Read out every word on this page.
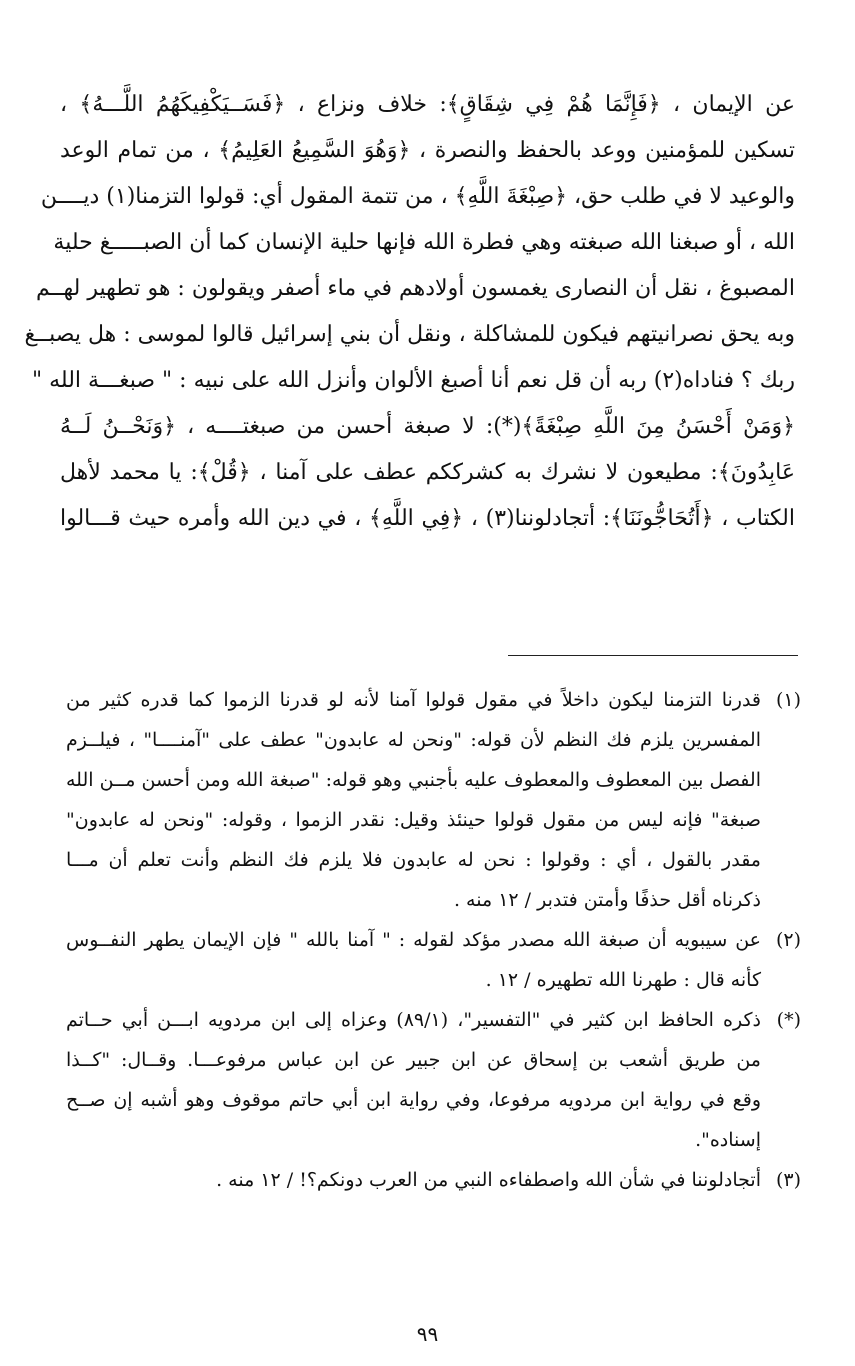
عن الإيمان ، ﴿فَإِنَّمَا هُمْ فِي شِقَاقٍ﴾: خلاف ونزاع ، ﴿فَسَــيَكْفِيكَهُمُ اللَّـــهُ﴾ ،
تسكين للمؤمنين ووعد بالحفظ والنصرة ، ﴿وَهُوَ السَّمِيعُ العَلِيمُ﴾ ، من تمام الوعد
والوعيد لا في طلب حق، ﴿صِبْغَةَ اللَّهِ﴾ ، من تتمة المقول أي: قولوا التزمنا(١) ديــــن
الله ، أو صبغنا الله صبغته وهي فطرة الله فإنها حلية الإنسان كما أن الصبـــــغ حلية
المصبوغ ، نقل أن النصارى يغمسون أولادهم في ماء أصفر ويقولون : هو تطهير لهــم
وبه يحق نصرانيتهم فيكون للمشاكلة ، ونقل أن بني إسرائيل قالوا لموسى : هل يصبــغ
ربك ؟ فناداه(٢) ربه أن قل نعم أنا أصبغ الألوان وأنزل الله على نبيه : " صبغـــة الله "
﴿وَمَنْ أَحْسَنُ مِنَ اللَّهِ صِبْغَةً﴾(*): لا صبغة أحسن من صبغتــــه ، ﴿وَنَحْــنُ لَــهُ
عَابِدُونَ﴾: مطيعون لا نشرك به كشرككم عطف على آمنا ، ﴿قُلْ﴾: يا محمد لأهل
الكتاب ، ﴿أَتُحَاجُّونَنَا﴾: أتجادلوننا(٣) ، ﴿فِي اللَّهِ﴾ ، في دين الله وأمره حيث قـــالوا
(١)
قدرنا التزمنا ليكون داخلاً في مقول قولوا آمنا لأنه لو قدرنا الزموا كما قدره كثير من
المفسرين يلزم فك النظم لأن قوله: "ونحن له عابدون" عطف على "آمنــــا" ، فيلــزم
الفصل بين المعطوف والمعطوف عليه بأجنبي وهو قوله: "صبغة الله ومن أحسن مــن الله
صبغة" فإنه ليس من مقول قولوا حينئذ وقيل: نقدر الزموا ، وقوله: "ونحن له عابدون"
مقدر بالقول ، أي : وقولوا : نحن له عابدون فلا يلزم فك النظم وأنت تعلم أن مـــا
ذكرناه أقل حذفًا وأمتن فتدبر / ١٢ منه .
(٢)
عن سيبويه أن صبغة الله مصدر مؤكد لقوله : " آمنا بالله " فإن الإيمان يطهر النفــوس
كأنه قال : طهرنا الله تطهيره / ١٢ .
(*)
ذكره الحافظ ابن كثير في "التفسير"، (٨٩/١) وعزاه إلى ابن مردويه ابـــن أبي حــاتم
من طريق أشعب بن إسحاق عن ابن جبير عن ابن عباس مرفوعـــا. وقــال: "كــذا
وقع في رواية ابن مردويه مرفوعا، وفي رواية ابن أبي حاتم موقوف وهو أشبه إن صــح
إسناده".
(٣)
أتجادلوننا في شأن الله واصطفاءه النبي من العرب دونكم؟! / ١٢ منه .
٩٩
